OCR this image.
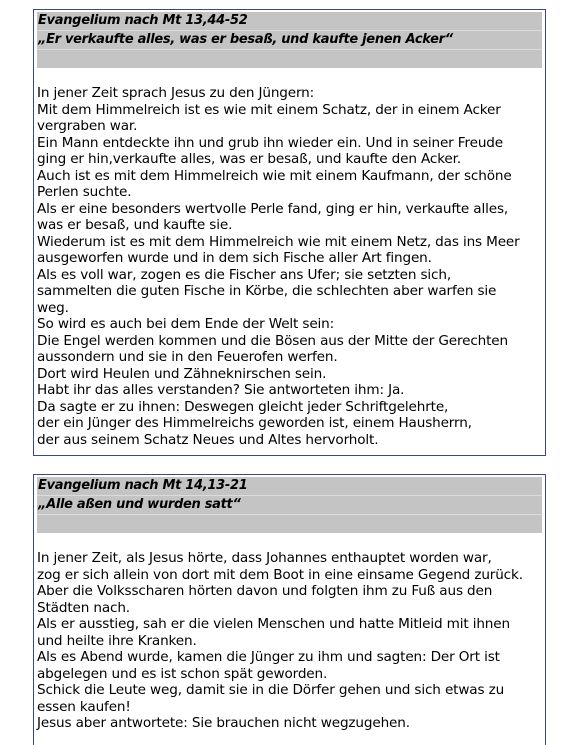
Evangelium nach Mt 13,44-52
„Er verkaufte alles, was er besaß, und kaufte jenen Acker“
In jener Zeit sprach Jesus zu den Jüngern:
Mit dem Himmelreich ist es wie mit einem Schatz, der in einem Acker
vergraben war.
Ein Mann entdeckte ihn und grub ihn wieder ein. Und in seiner Freude
ging er hin,verkaufte alles, was er besaß, und kaufte den Acker.
Auch ist es mit dem Himmelreich wie mit einem Kaufmann, der schöne
Perlen suchte.
Als er eine besonders wertvolle Perle fand, ging er hin, verkaufte alles,
was er besaß, und kaufte sie.
Wiederum ist es mit dem Himmelreich wie mit einem Netz, das ins Meer
ausgeworfen wurde und in dem sich Fische aller Art fingen.
Als es voll war, zogen es die Fischer ans Ufer; sie setzten sich,
sammelten die guten Fische in Körbe, die schlechten aber warfen sie
weg.
So wird es auch bei dem Ende der Welt sein:
Die Engel werden kommen und die Bösen aus der Mitte der Gerechten
aussondern und sie in den Feuerofen werfen.
Dort wird Heulen und Zähneknirschen sein.
Habt ihr das alles verstanden? Sie antworteten ihm: Ja.
Da sagte er zu ihnen: Deswegen gleicht jeder Schriftgelehrte,
der ein Jünger des Himmelreichs geworden ist, einem Hausherrn,
der aus seinem Schatz Neues und Altes hervorholt.
Evangelium nach Mt 14,13-21
„Alle aßen und wurden satt“
In jener Zeit, als Jesus hörte, dass Johannes enthauptet worden war,
zog er sich allein von dort mit dem Boot in eine einsame Gegend zurück.
Aber die Volksscharen hörten davon und folgten ihm zu Fuß aus den
Städten nach.
Als er ausstieg, sah er die vielen Menschen und hatte Mitleid mit ihnen
und heilte ihre Kranken.
Als es Abend wurde, kamen die Jünger zu ihm und sagten: Der Ort ist
abgelegen und es ist schon spät geworden.
Schick die Leute weg, damit sie in die Dörfer gehen und sich etwas zu
essen kaufen!
Jesus aber antwortete: Sie brauchen nicht wegzugehen.
